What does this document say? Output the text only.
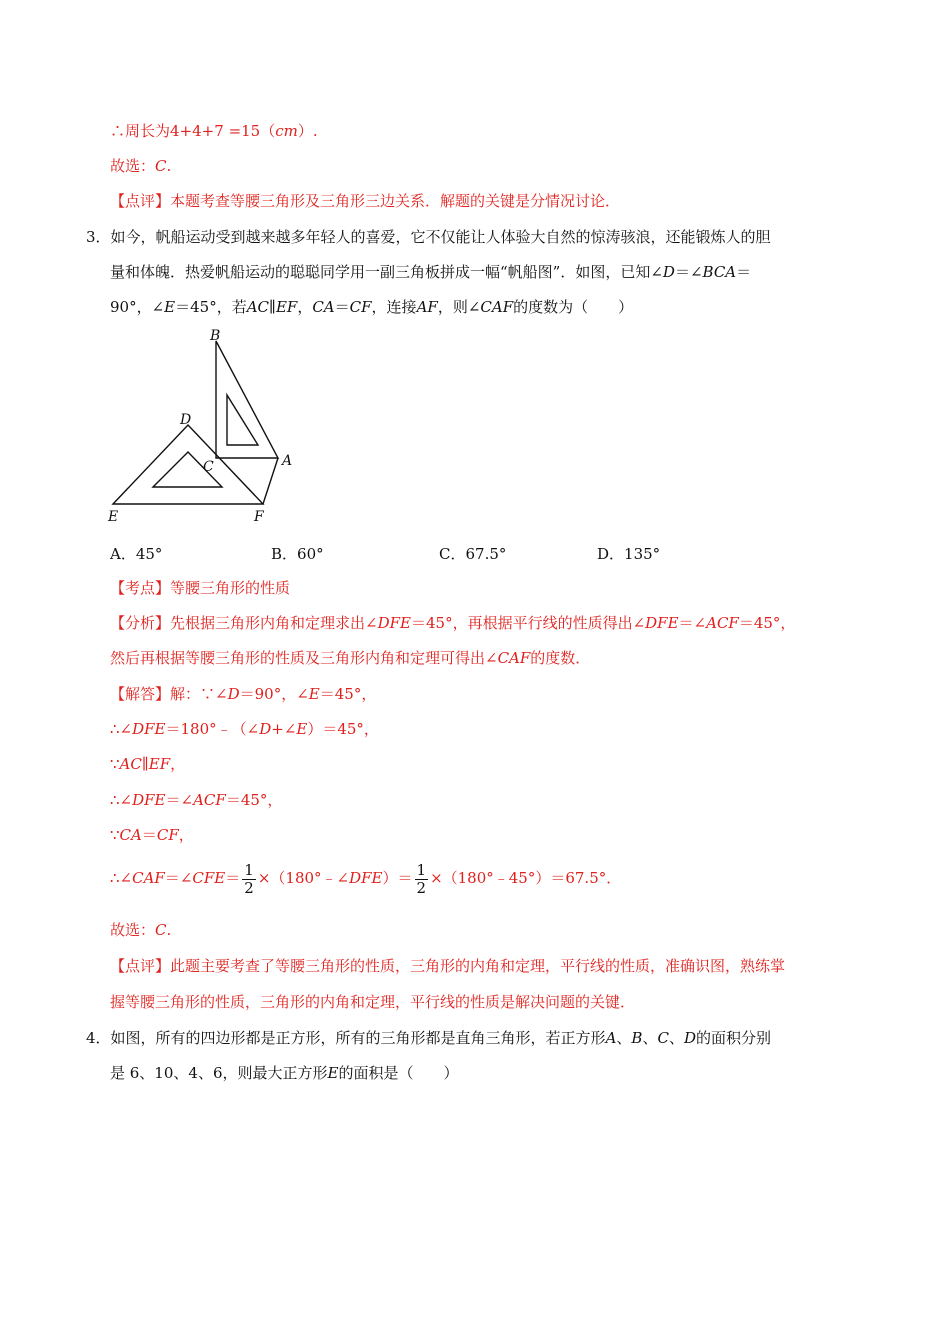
∴周长为4+4+7 =15（cm）.
故选：C.
【点评】本题考查等腰三角形及三角形三边关系．解题的关键是分情况讨论．
3．如今，帆船运动受到越来越多年轻人的喜爱，它不仅能让人体验大自然的惊涛骇浪，还能锻炼人的胆
量和体魄．热爱帆船运动的聪聪同学用一副三角板拼成一幅“帆船图”．如图，已知∠D＝∠BCA＝
90°，∠E＝45°，若AC∥EF，CA＝CF，连接AF，则∠CAF的度数为（　　）
B
D
C	A
E	F
A．45°	B．60°	C．67.5°	D．135°
【考点】等腰三角形的性质
【分析】先根据三角形内角和定理求出∠DFE＝45°，再根据平行线的性质得出∠DFE＝∠ACF＝45°，
然后再根据等腰三角形的性质及三角形内角和定理可得出∠CAF的度数．
【解答】解：∵∠D＝90°，∠E＝45°，
∴∠DFE＝180°﹣（∠D+∠E）＝45°，
∵AC∥EF，
∴∠DFE＝∠ACF＝45°，
∵CA＝CF，
∴∠CAF＝∠CFE＝ $\frac{1}{2}$ ×（180°﹣∠DFE）＝ $\frac{1}{2}$ ×（180°﹣45°）＝67.5°．
故选：C.
【点评】此题主要考查了等腰三角形的性质，三角形的内角和定理，平行线的性质，准确识图，熟练掌
握等腰三角形的性质，三角形的内角和定理，平行线的性质是解决问题的关键．
4．如图，所有的四边形都是正方形，所有的三角形都是直角三角形，若正方形A、B、C、D的面积分别
是 6、10、4、6，则最大正方形E的面积是（　　）
